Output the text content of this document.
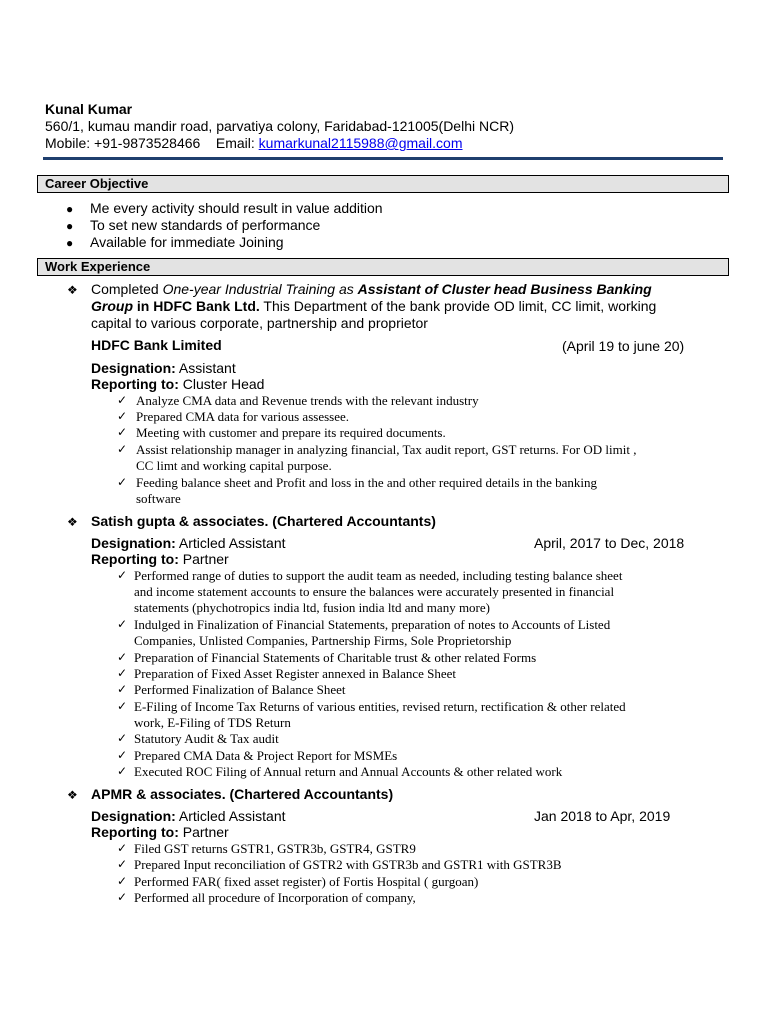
Kunal Kumar
560/1, kumau mandir road, parvatiya colony, Faridabad-121005(Delhi NCR)
Mobile: +91-9873528466 Email: kumarkunal2115988@gmail.com
Career Objective
● Me every activity should result in value addition
● To set new standards of performance
● Available for immediate Joining
Work Experience
❖ Completed One-year Industrial Training as Assistant of Cluster head Business Banking
Group in HDFC Bank Ltd. This Department of the bank provide OD limit, CC limit, working
capital to various corporate, partnership and proprietor
HDFC Bank Limited	(April 19 to june 20)
Designation: Assistant
Reporting to: Cluster Head
✓ Analyze CMA data and Revenue trends with the relevant industry
✓ Prepared CMA data for various assessee.
✓ Meeting with customer and prepare its required documents.
✓ Assist relationship manager in analyzing financial, Tax audit report, GST returns. For OD limit ,
CC limt and working capital purpose.
✓ Feeding balance sheet and Profit and loss in the and other required details in the banking
software
❖ Satish gupta & associates. (Chartered Accountants)
Designation: Articled Assistant	April, 2017 to Dec, 2018
Reporting to: Partner
✓ Performed range of duties to support the audit team as needed, including testing balance sheet
and income statement accounts to ensure the balances were accurately presented in financial
statements (phychotropics india ltd, fusion india ltd and many more)
✓ Indulged in Finalization of Financial Statements, preparation of notes to Accounts of Listed
Companies, Unlisted Companies, Partnership Firms, Sole Proprietorship
✓ Preparation of Financial Statements of Charitable trust & other related Forms
✓ Preparation of Fixed Asset Register annexed in Balance Sheet
✓ Performed Finalization of Balance Sheet
✓ E-Filing of Income Tax Returns of various entities, revised return, rectification & other related
work, E-Filing of TDS Return
✓ Statutory Audit & Tax audit
✓ Prepared CMA Data & Project Report for MSMEs
✓ Executed ROC Filing of Annual return and Annual Accounts & other related work
❖ APMR & associates. (Chartered Accountants)
Designation: Articled Assistant	Jan 2018 to Apr, 2019
Reporting to: Partner
✓ Filed GST returns GSTR1, GSTR3b, GSTR4, GSTR9
✓ Prepared Input reconciliation of GSTR2 with GSTR3b and GSTR1 with GSTR3B
✓ Performed FAR( fixed asset register) of Fortis Hospital ( gurgoan)
✓ Performed all procedure of Incorporation of company,
